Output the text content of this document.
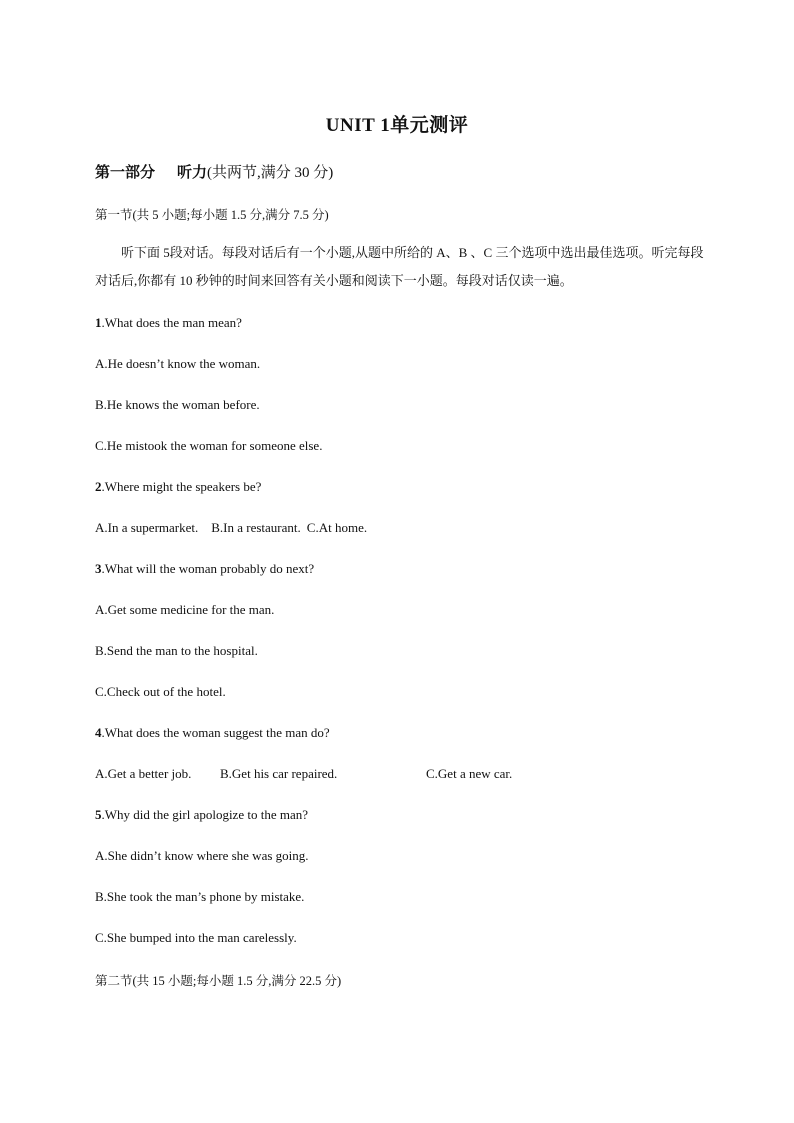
UNIT 1单元测评
第一部分 听力(共两节,满分 30 分)
第一节(共 5 小题;每小题 1.5 分,满分 7.5 分)
听下面 5段对话。每段对话后有一个小题,从题中所给的 A、B 、C 三个选项中选出最佳选项。听完每段对话后,你都有 10 秒钟的时间来回答有关小题和阅读下一小题。每段对话仅读一遍。
1.What does the man mean?
A.He doesn’t know the woman.
B.He knows the woman before.
C.He mistook the woman for someone else.
2.Where might the speakers be?
A.In a supermarket. B.In a restaurant. C.At home.
3.What will the woman probably do next?
A.Get some medicine for the man.
B.Send the man to the hospital.
C.Check out of the hotel.
4.What does the woman suggest the man do?
A.Get a better job. B.Get his car repaired.	C.Get a new car.
5.Why did the girl apologize to the man?
A.She didn’t know where she was going.
B.She took the man’s phone by mistake.
C.She bumped into the man carelessly.
第二节(共 15 小题;每小题 1.5 分,满分 22.5 分)
